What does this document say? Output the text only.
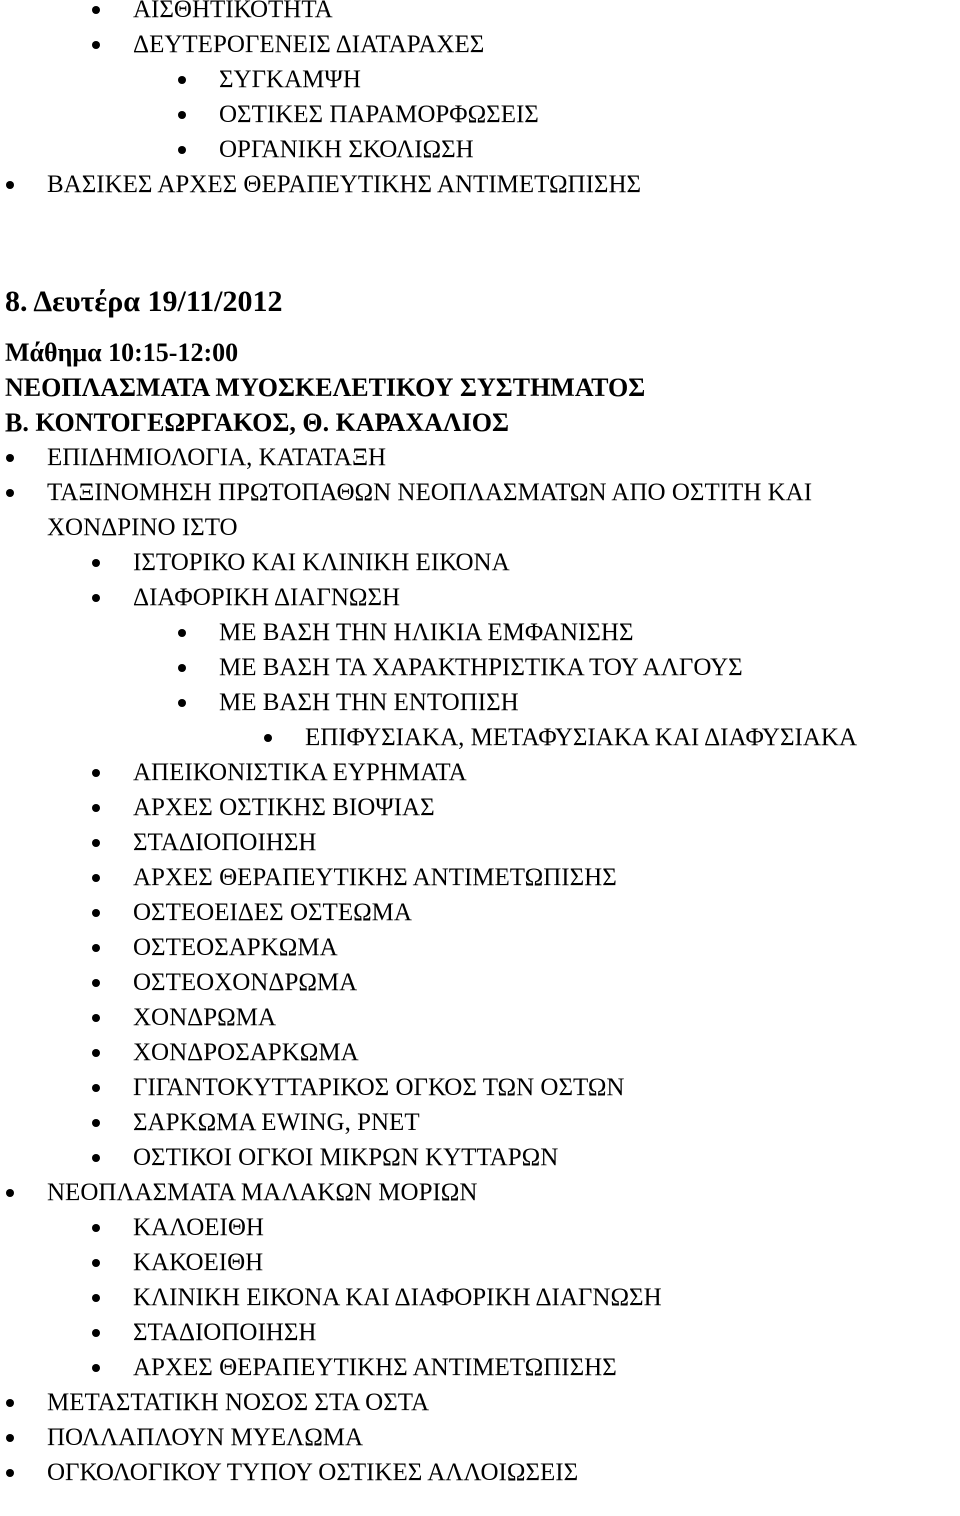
ΑΙΣΘΗΤΙΚΟΤΗΤΑ
ΔΕΥΤΕΡΟΓΕΝΕΙΣ ΔΙΑΤΑΡΑΧΕΣ
ΣΥΓΚΑΜΨΗ
ΟΣΤΙΚΕΣ ΠΑΡΑΜΟΡΦΩΣΕΙΣ
ΟΡΓΑΝΙΚΗ ΣΚΟΛΙΩΣΗ
ΒΑΣΙΚΕΣ ΑΡΧΕΣ ΘΕΡΑΠΕΥΤΙΚΗΣ ΑΝΤΙΜΕΤΩΠΙΣΗΣ
8. Δευτέρα 19/11/2012
Μάθημα 10:15-12:00
ΝΕΟΠΛΑΣΜΑΤΑ ΜΥΟΣΚΕΛΕΤΙΚΟΥ ΣΥΣΤΗΜΑΤΟΣ
Β. ΚΟΝΤΟΓΕΩΡΓΑΚΟΣ, Θ. ΚΑΡΑΧΑΛΙΟΣ
ΕΠΙΔΗΜΙΟΛΟΓΙΑ, ΚΑΤΑΤΑΞΗ
ΤΑΞΙΝΟΜΗΣΗ ΠΡΩΤΟΠΑΘΩΝ ΝΕΟΠΛΑΣΜΑΤΩΝ ΑΠΟ ΟΣΤΙΤΗ ΚΑΙ
ΧΟΝΔΡΙΝΟ ΙΣΤΟ
ΙΣΤΟΡΙΚΟ ΚΑΙ ΚΛΙΝΙΚΗ ΕΙΚΟΝΑ
ΔΙΑΦΟΡΙΚΗ ΔΙΑΓΝΩΣΗ
ΜΕ ΒΑΣΗ ΤΗΝ ΗΛΙΚΙΑ ΕΜΦΑΝΙΣΗΣ
ΜΕ ΒΑΣΗ ΤΑ ΧΑΡΑΚΤΗΡΙΣΤΙΚΑ ΤΟΥ ΑΛΓΟΥΣ
ΜΕ ΒΑΣΗ ΤΗΝ ΕΝΤΟΠΙΣΗ
ΕΠΙΦΥΣΙΑΚΑ, ΜΕΤΑΦΥΣΙΑΚΑ ΚΑΙ ΔΙΑΦΥΣΙΑΚΑ
ΑΠΕΙΚΟΝΙΣΤΙΚΑ ΕΥΡΗΜΑΤΑ
ΑΡΧΕΣ ΟΣΤΙΚΗΣ ΒΙΟΨΙΑΣ
ΣΤΑΔΙΟΠΟΙΗΣΗ
ΑΡΧΕΣ ΘΕΡΑΠΕΥΤΙΚΗΣ ΑΝΤΙΜΕΤΩΠΙΣΗΣ
ΟΣΤΕΟΕΙΔΕΣ ΟΣΤΕΩΜΑ
ΟΣΤΕΟΣΑΡΚΩΜΑ
ΟΣΤΕΟΧΟΝΔΡΩΜΑ
ΧΟΝΔΡΩΜΑ
ΧΟΝΔΡΟΣΑΡΚΩΜΑ
ΓΙΓΑΝΤΟΚΥΤΤΑΡΙΚΟΣ ΟΓΚΟΣ ΤΩΝ ΟΣΤΩΝ
ΣΑΡΚΩΜΑ EWING, PNET
ΟΣΤΙΚΟΙ ΟΓΚΟΙ ΜΙΚΡΩΝ ΚΥΤΤΑΡΩΝ
ΝΕΟΠΛΑΣΜΑΤΑ ΜΑΛΑΚΩΝ ΜΟΡΙΩΝ
ΚΑΛΟΕΙΘΗ
ΚΑΚΟΕΙΘΗ
ΚΛΙΝΙΚΗ ΕΙΚΟΝΑ ΚΑΙ ΔΙΑΦΟΡΙΚΗ ΔΙΑΓΝΩΣΗ
ΣΤΑΔΙΟΠΟΙΗΣΗ
ΑΡΧΕΣ ΘΕΡΑΠΕΥΤΙΚΗΣ ΑΝΤΙΜΕΤΩΠΙΣΗΣ
ΜΕΤΑΣΤΑΤΙΚΗ ΝΟΣΟΣ ΣΤΑ ΟΣΤΑ
ΠΟΛΛΑΠΛΟΥΝ ΜΥΕΛΩΜΑ
ΟΓΚΟΛΟΓΙΚΟΥ ΤΥΠΟΥ ΟΣΤΙΚΕΣ ΑΛΛΟΙΩΣΕΙΣ
